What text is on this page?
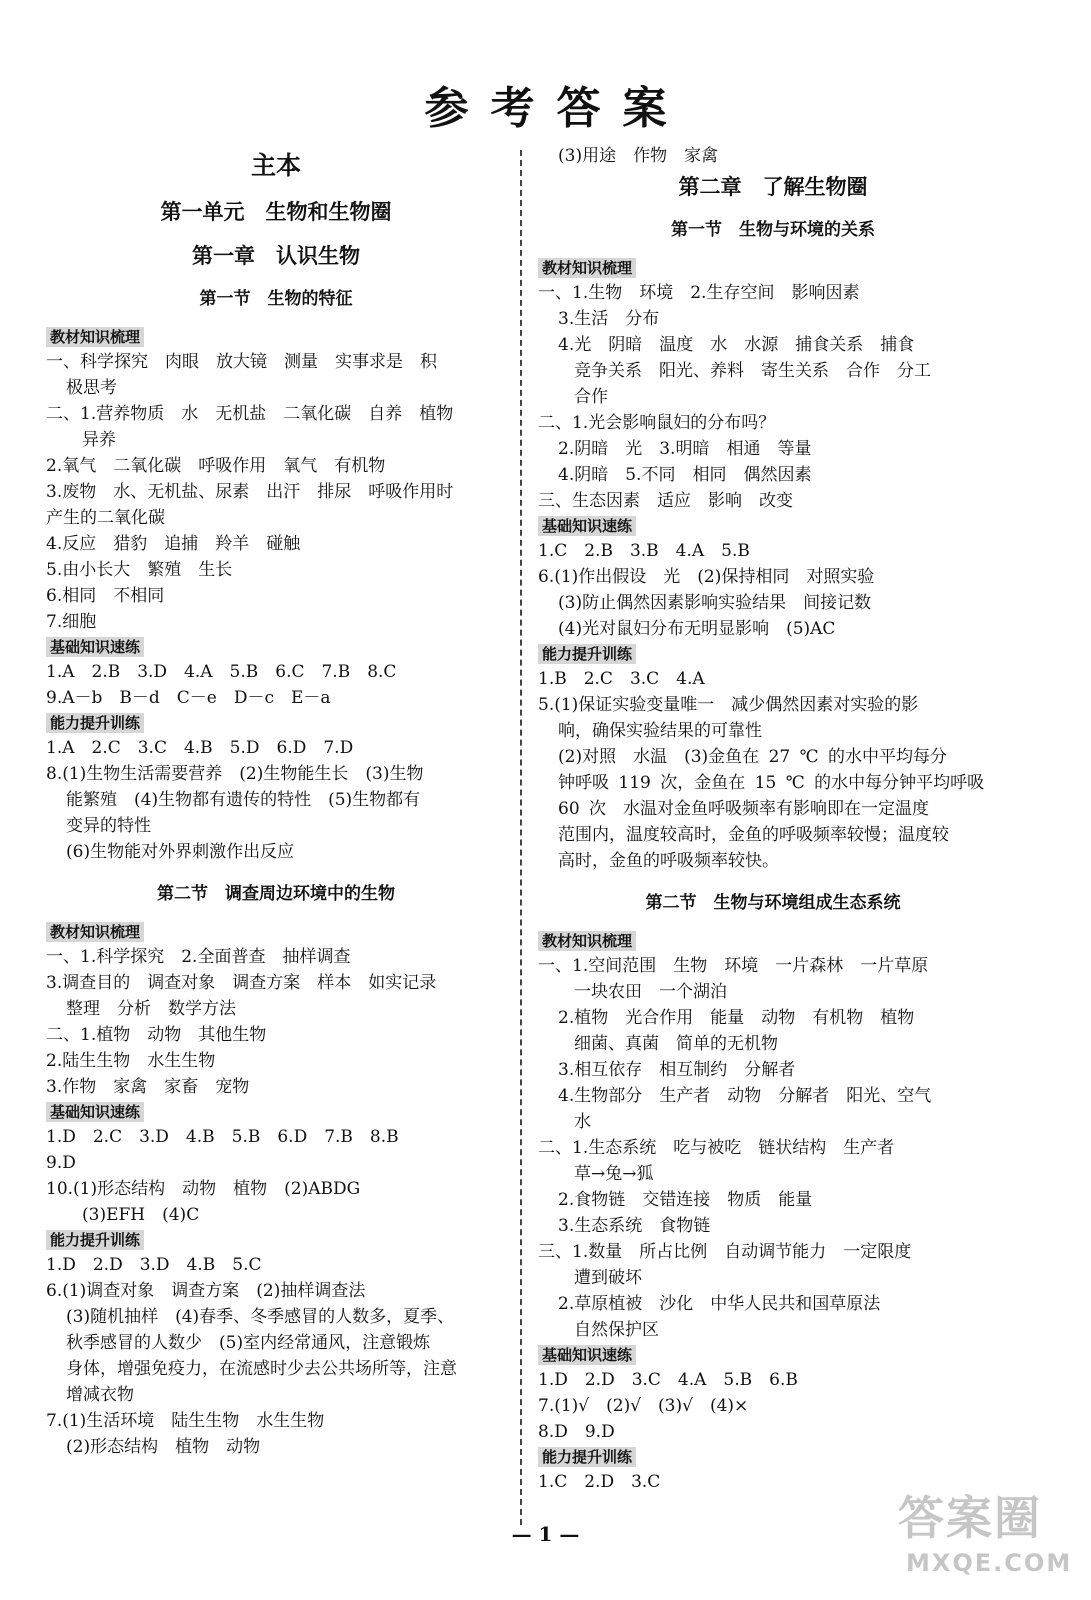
参考答案
主本
第一单元　生物和生物圈
第一章　认识生物
第一节　生物的特征
教材知识梳理
一、科学探究　肉眼　放大镜　测量　实事求是　积
极思考
二、1.营养物质　水　无机盐　二氧化碳　自养　植物
异养
2.氧气　二氧化碳　呼吸作用　氧气　有机物
3.废物　水、无机盐、尿素　出汗　排尿　呼吸作用时
产生的二氧化碳
4.反应　猎豹　追捕　羚羊　碰触
5.由小长大　繁殖　生长
6.相同　不相同
7.细胞
基础知识速练
1.A　2.B　3.D　4.A　5.B　6.C　7.B　8.C
9.A－b　B－d　C－e　D－c　E－a
能力提升训练
1.A　2.C　3.C　4.B　5.D　6.D　7.D
8.(1)生物生活需要营养　(2)生物能生长　(3)生物
能繁殖　(4)生物都有遗传的特性　(5)生物都有
变异的特性
(6)生物能对外界刺激作出反应
第二节　调查周边环境中的生物
教材知识梳理
一、1.科学探究　2.全面普查　抽样调查
3.调查目的　调查对象　调查方案　样本　如实记录
整理　分析　数学方法
二、1.植物　动物　其他生物
2.陆生生物　水生生物
3.作物　家禽　家畜　宠物
基础知识速练
1.D　2.C　3.D　4.B　5.B　6.D　7.B　8.B
9.D
10.(1)形态结构　动物　植物　(2)ABDG
(3)EFH　(4)C
能力提升训练
1.D　2.D　3.D　4.B　5.C
6.(1)调查对象　调查方案　(2)抽样调查法
(3)随机抽样　(4)春季、冬季感冒的人数多，夏季、
秋季感冒的人数少　(5)室内经常通风，注意锻炼
身体，增强免疫力，在流感时少去公共场所等，注意
增减衣物
7.(1)生活环境　陆生生物　水生生物
(2)形态结构　植物　动物
(3)用途　作物　家禽
第二章　了解生物圈
第一节　生物与环境的关系
教材知识梳理
一、1.生物　环境　2.生存空间　影响因素
3.生活　分布
4.光　阴暗　温度　水　水源　捕食关系　捕食
竞争关系　阳光、养料　寄生关系　合作　分工
合作
二、1.光会影响鼠妇的分布吗？
2.阴暗　光　3.明暗　相通　等量
4.阴暗　5.不同　相同　偶然因素
三、生态因素　适应　影响　改变
基础知识速练
1.C　2.B　3.B　4.A　5.B
6.(1)作出假设　光　(2)保持相同　对照实验
(3)防止偶然因素影响实验结果　间接记数
(4)光对鼠妇分布无明显影响　(5)AC
能力提升训练
1.B　2.C　3.C　4.A
5.(1)保证实验变量唯一　减少偶然因素对实验的影
响，确保实验结果的可靠性
(2)对照　水温　(3)金鱼在 27 ℃ 的水中平均每分
钟呼吸 119 次，金鱼在 15 ℃ 的水中每分钟平均呼吸
60 次　水温对金鱼呼吸频率有影响即在一定温度
范围内，温度较高时，金鱼的呼吸频率较慢；温度较
高时，金鱼的呼吸频率较快。
第二节　生物与环境组成生态系统
教材知识梳理
一、1.空间范围　生物　环境　一片森林　一片草原
一块农田　一个湖泊
2.植物　光合作用　能量　动物　有机物　植物
细菌、真菌　简单的无机物
3.相互依存　相互制约　分解者
4.生物部分　生产者　动物　分解者　阳光、空气
水
二、1.生态系统　吃与被吃　链状结构　生产者
草→兔→狐
2.食物链　交错连接　物质　能量
3.生态系统　食物链
三、1.数量　所占比例　自动调节能力　一定限度
遭到破坏
2.草原植被　沙化　中华人民共和国草原法
自然保护区
基础知识速练
1.D　2.D　3.C　4.A　5.B　6.B
7.(1)√　(2)√　(3)√　(4)×
8.D　9.D
能力提升训练
1.C　2.D　3.C
— 1 —	答案圈
MXQE.COM
